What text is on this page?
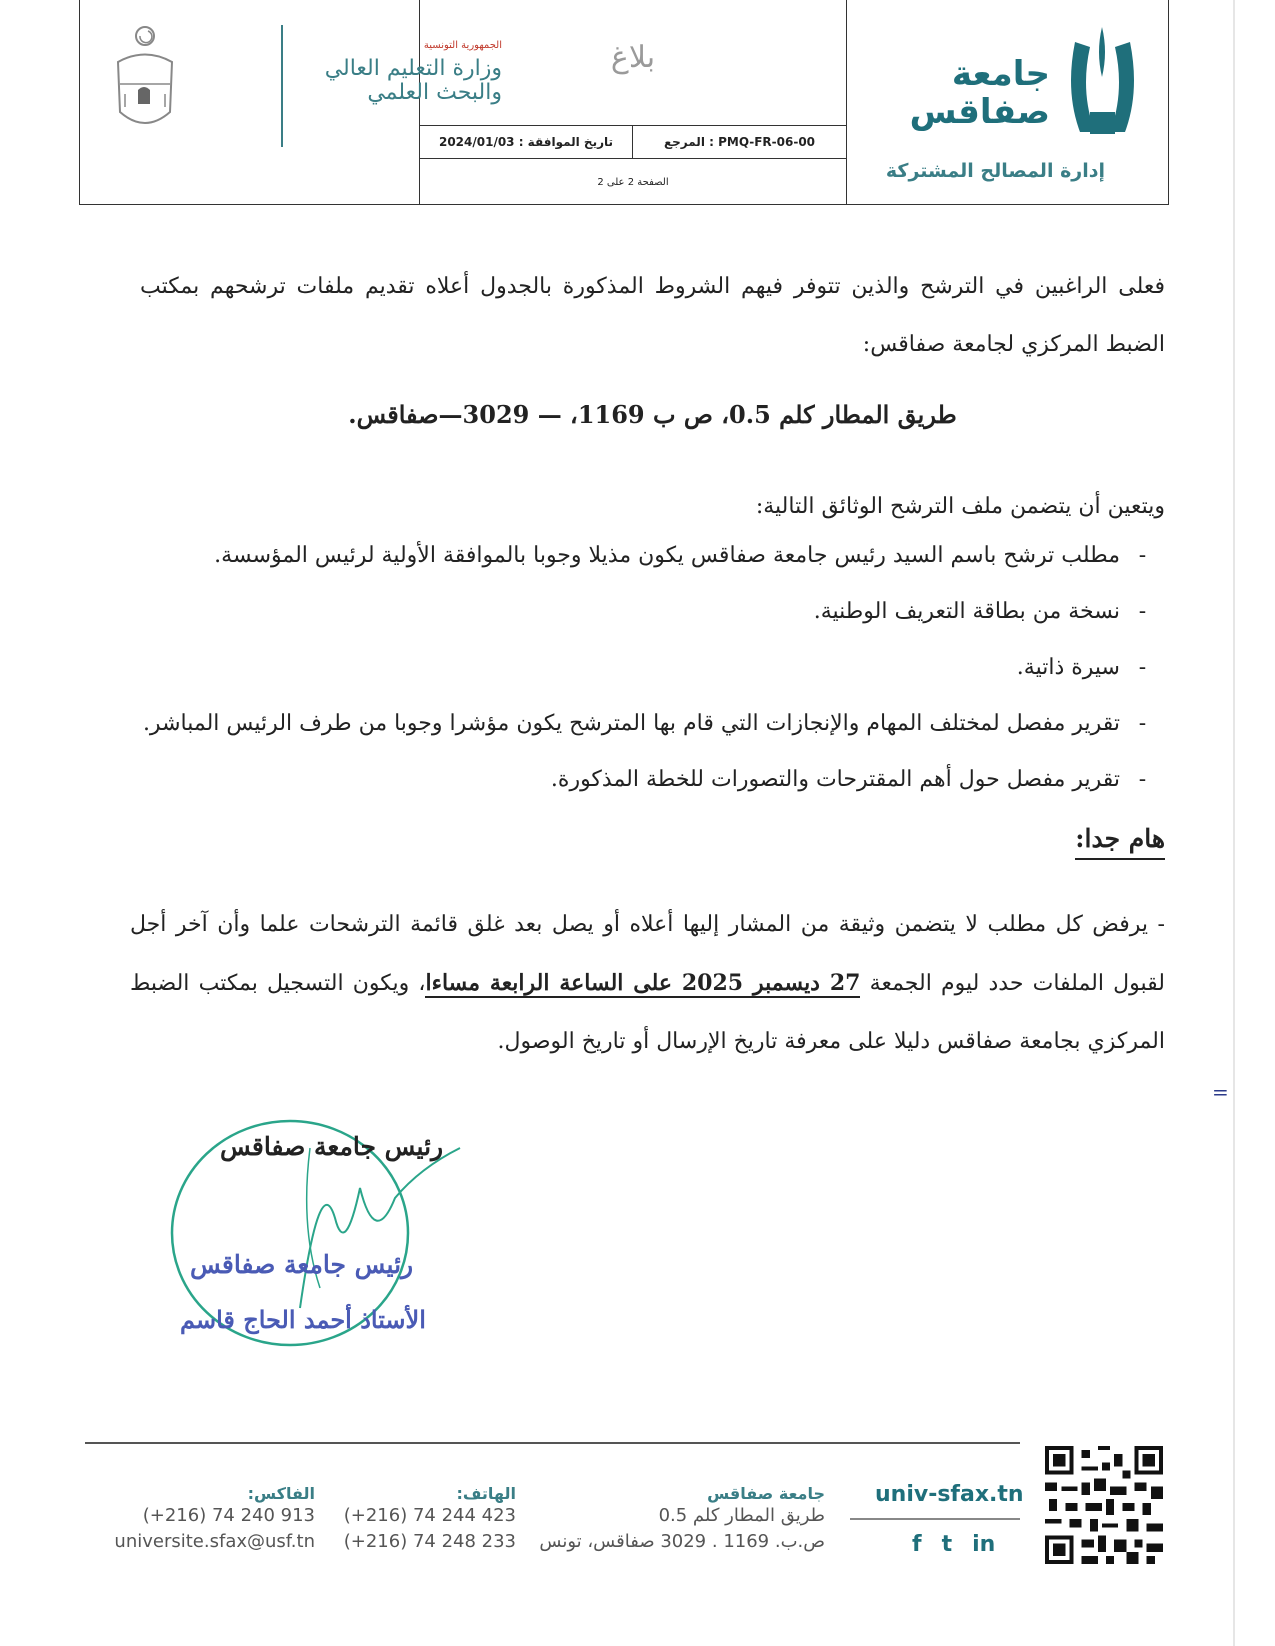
الجمهورية التونسية
وزارة التعليم العالي
والبحث العلمي
بلاغ
المرجع : PMQ-FR-06-00
تاريخ الموافقة : 2024/01/03
الصفحة 2 على 2
جامعة
صفاقس
إدارة المصالح المشتركة
فعلى الراغبين في الترشح والذين تتوفر فيهم الشروط المذكورة بالجدول أعلاه تقديم ملفات ترشحهم بمكتب الضبط المركزي لجامعة صفاقس:
طريق المطار كلم 0.5، ص ب 1169، — 3029—صفاقس.
ويتعين أن يتضمن ملف الترشح الوثائق التالية:
-مطلب ترشح باسم السيد رئيس جامعة صفاقس يكون مذيلا وجوبا بالموافقة الأولية لرئيس المؤسسة.
-نسخة من بطاقة التعريف الوطنية.
-سيرة ذاتية.
-تقرير مفصل لمختلف المهام والإنجازات التي قام بها المترشح يكون مؤشرا وجوبا من طرف الرئيس المباشر.
-تقرير مفصل حول أهم المقترحات والتصورات للخطة المذكورة.
هام جدا:
- يرفض كل مطلب لا يتضمن وثيقة من المشار إليها أعلاه أو يصل بعد غلق قائمة الترشحات علما وأن آخر أجل لقبول الملفات حدد ليوم الجمعة 27 ديسمبر 2025 على الساعة الرابعة مساءا، ويكون التسجيل بمكتب الضبط المركزي بجامعة صفاقس دليلا على معرفة تاريخ الإرسال أو تاريخ الوصول.
=
رئيس جامعة صفاقس
رئيس جامعة صفاقس
الأستاذ أحمد الحاج قاسم
جامعة صفاقس
طريق المطار كلم 0.5
ص.ب. 1169 . 3029 صفاقس، تونس
الهاتف:
(+216) 74 244 423
(+216) 74 248 233
الفاكس:
(+216) 74 240 913
universite.sfax@usf.tn
univ-sfax.tn
f t in
